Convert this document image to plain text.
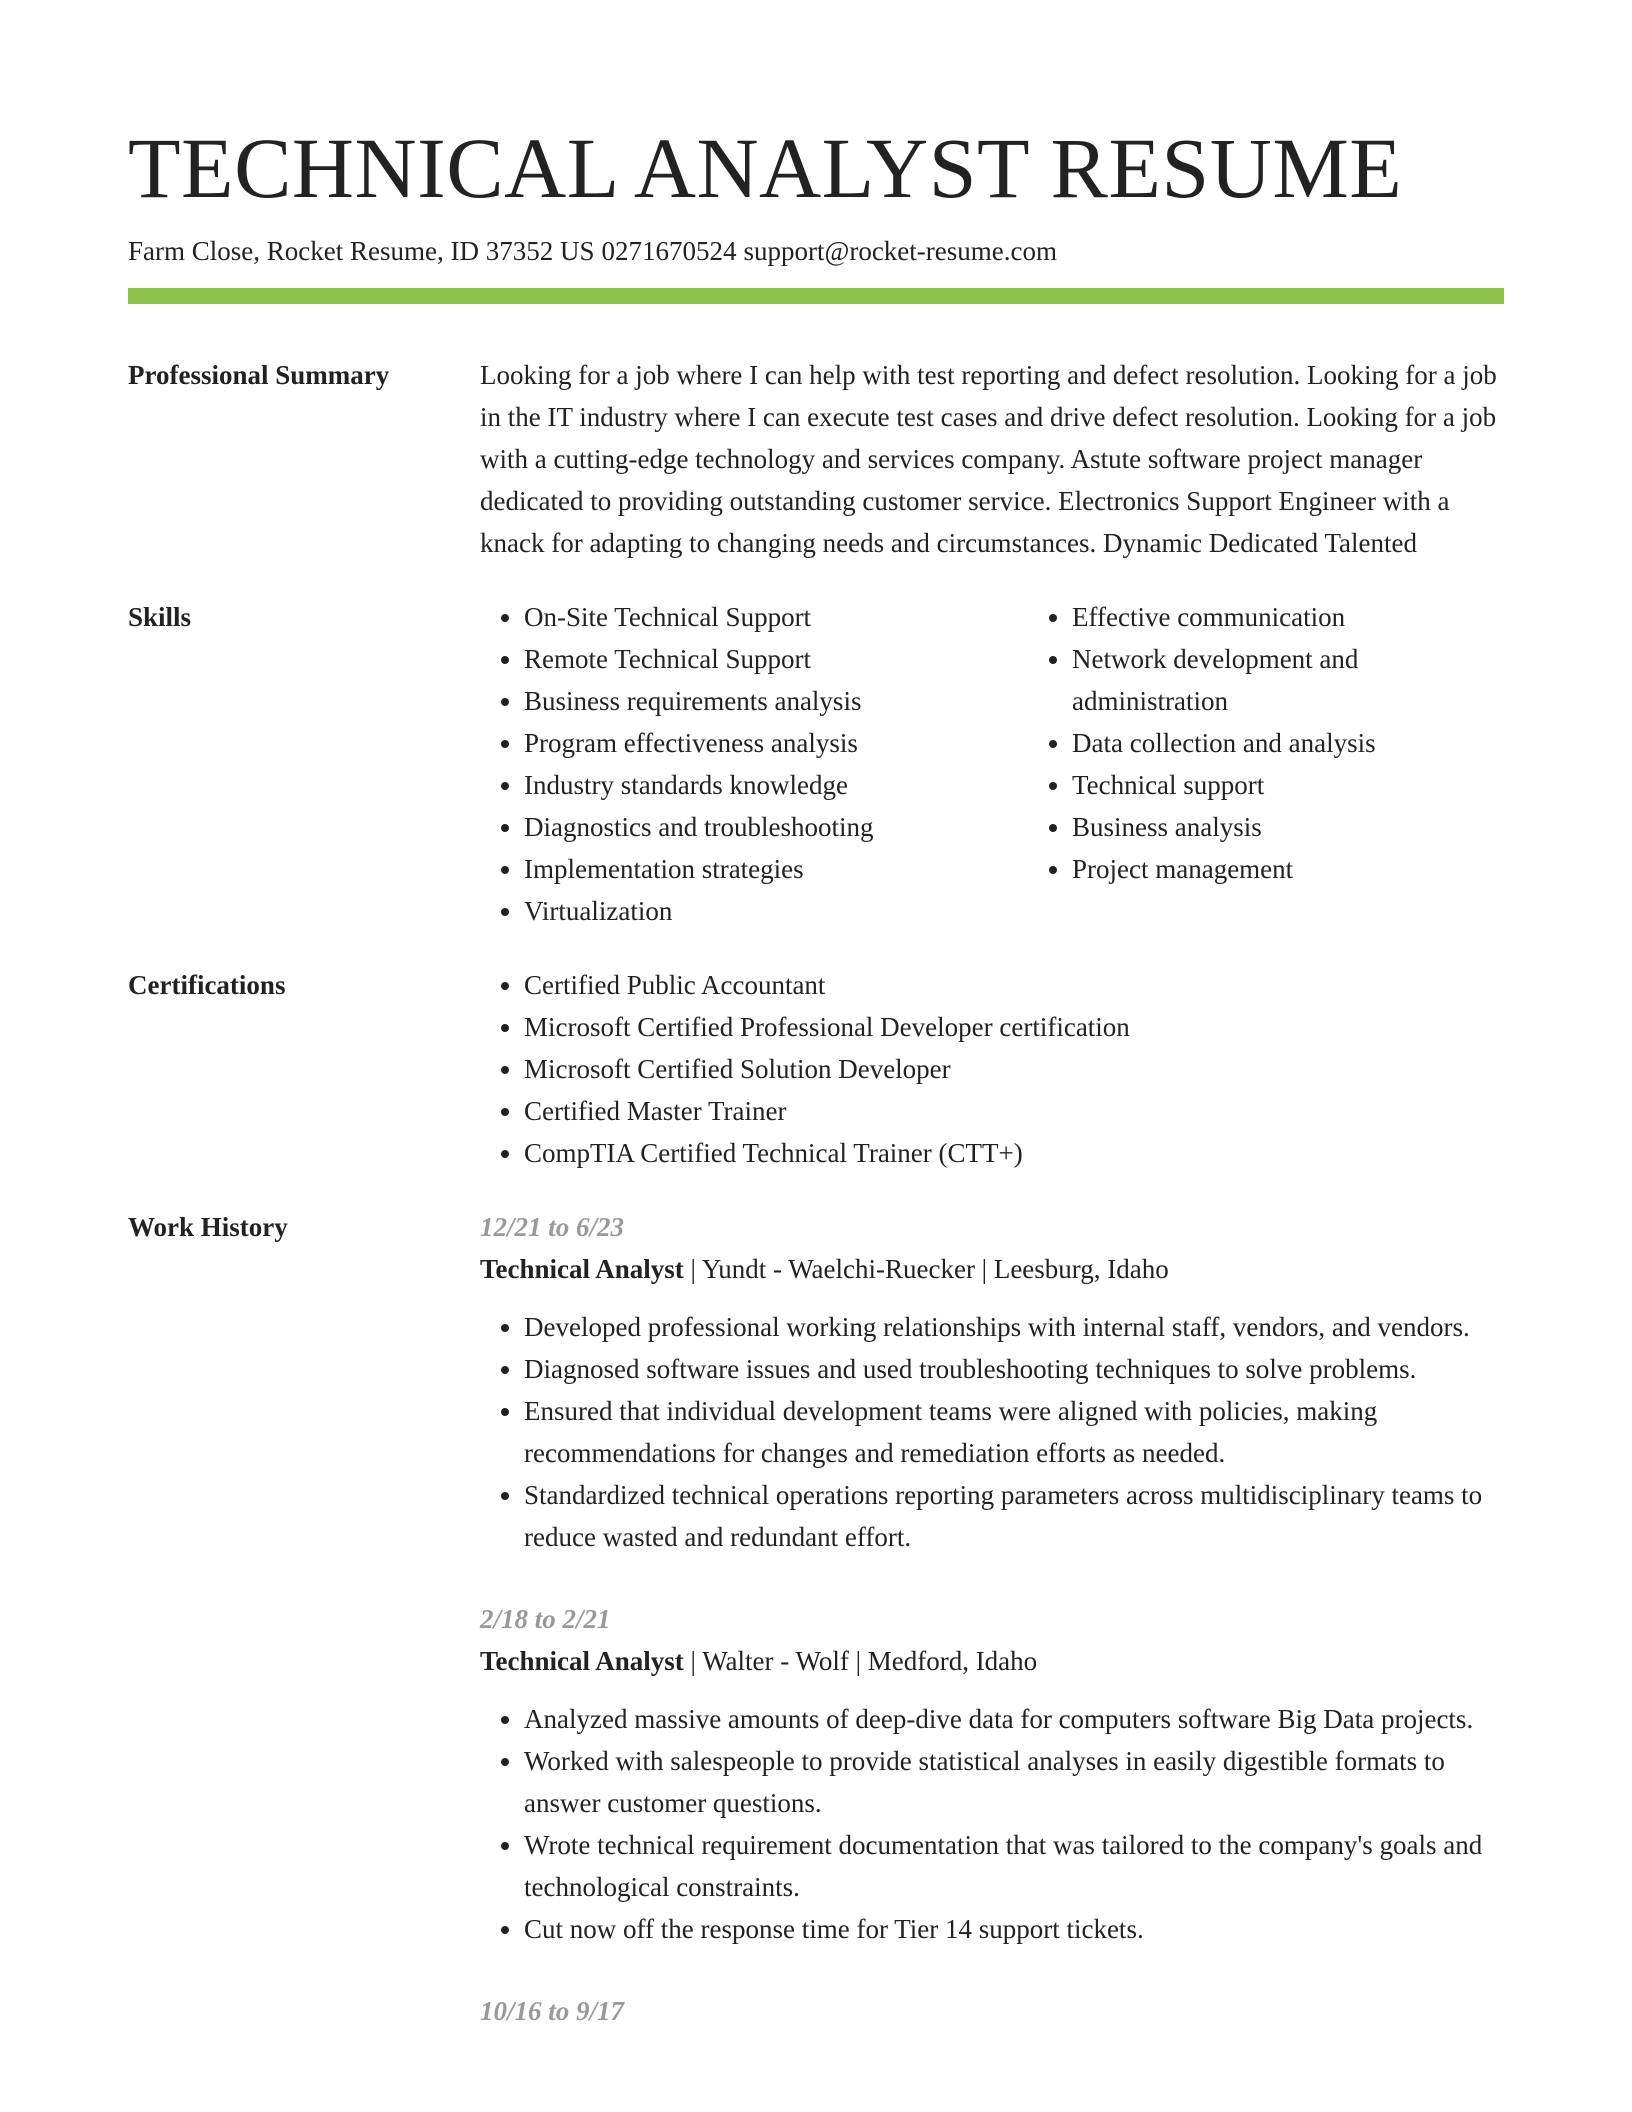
TECHNICAL ANALYST RESUME
Farm Close, Rocket Resume, ID 37352 US 0271670524 support@rocket-resume.com
Professional Summary	Looking for a job where I can help with test reporting and defect resolution. Looking for a job in the IT industry where I can execute test cases and drive defect resolution. Looking for a job with a cutting-edge technology and services company. Astute software project manager dedicated to providing outstanding customer service. Electronics Support Engineer with a knack for adapting to changing needs and circumstances. Dynamic Dedicated Talented

Skills	• On-Site Technical Support
• Remote Technical Support
• Business requirements analysis
• Program effectiveness analysis
• Industry standards knowledge
• Diagnostics and troubleshooting
• Implementation strategies
• Virtualization
• Effective communication
• Network development and administration
• Data collection and analysis
• Technical support
• Business analysis
• Project management
Certifications	• Certified Public Accountant
• Microsoft Certified Professional Developer certification
• Microsoft Certified Solution Developer
• Certified Master Trainer
• CompTIA Certified Technical Trainer (CTT+)
Work History	12/21 to 6/23
Technical Analyst | Yundt - Waelchi-Ruecker | Leesburg, Idaho
• Developed professional working relationships with internal staff, vendors, and vendors.
• Diagnosed software issues and used troubleshooting techniques to solve problems.
• Ensured that individual development teams were aligned with policies, making recommendations for changes and remediation efforts as needed.
• Standardized technical operations reporting parameters across multidisciplinary teams to reduce wasted and redundant effort.
2/18 to 2/21
Technical Analyst | Walter - Wolf | Medford, Idaho
• Analyzed massive amounts of deep-dive data for computers software Big Data projects.
• Worked with salespeople to provide statistical analyses in easily digestible formats to answer customer questions.
• Wrote technical requirement documentation that was tailored to the company's goals and technological constraints.
• Cut now off the response time for Tier 14 support tickets.
10/16 to 9/17
